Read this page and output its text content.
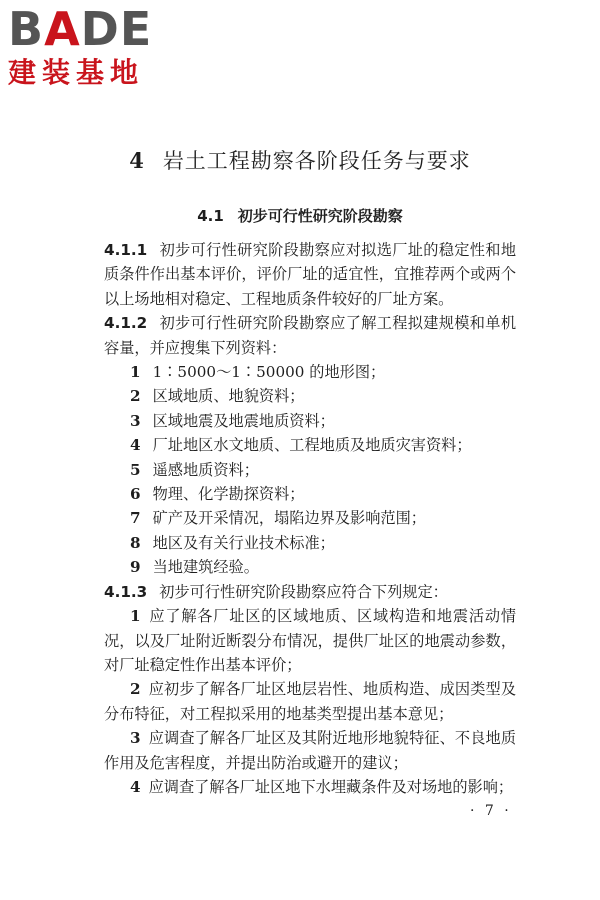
BADE
建装基地
4 岩土工程勘察各阶段任务与要求
4.1 初步可行性研究阶段勘察

4.1.1 初步可行性研究阶段勘察应对拟选厂址的稳定性和地质条件作出基本评价，评价厂址的适宜性，宜推荐两个或两个以上场地相对稳定、工程地质条件较好的厂址方案。

4.1.2 初步可行性研究阶段勘察应了解工程拟建规模和单机容量，并应搜集下列资料：

1 1∶5000～1∶50000 的地形图；

2 区域地质、地貌资料；

3 区域地震及地震地质资料；

4 厂址地区水文地质、工程地质及地质灾害资料；

5 遥感地质资料；

6 物理、化学勘探资料；

7 矿产及开采情况，塌陷边界及影响范围；

8 地区及有关行业技术标准；

9 当地建筑经验。

4.1.3 初步可行性研究阶段勘察应符合下列规定：

1 应了解各厂址区的区域地质、区域构造和地震活动情况，以及厂址附近断裂分布情况，提供厂址区的地震动参数，对厂址稳定性作出基本评价；

2 应初步了解各厂址区地层岩性、地质构造、成因类型及分布特征，对工程拟采用的地基类型提出基本意见；

3 应调查了解各厂址区及其附近地形地貌特征、不良地质作用及危害程度，并提出防治或避开的建议；

4 应调查了解各厂址区地下水埋藏条件及对场地的影响；

· 7 ·
